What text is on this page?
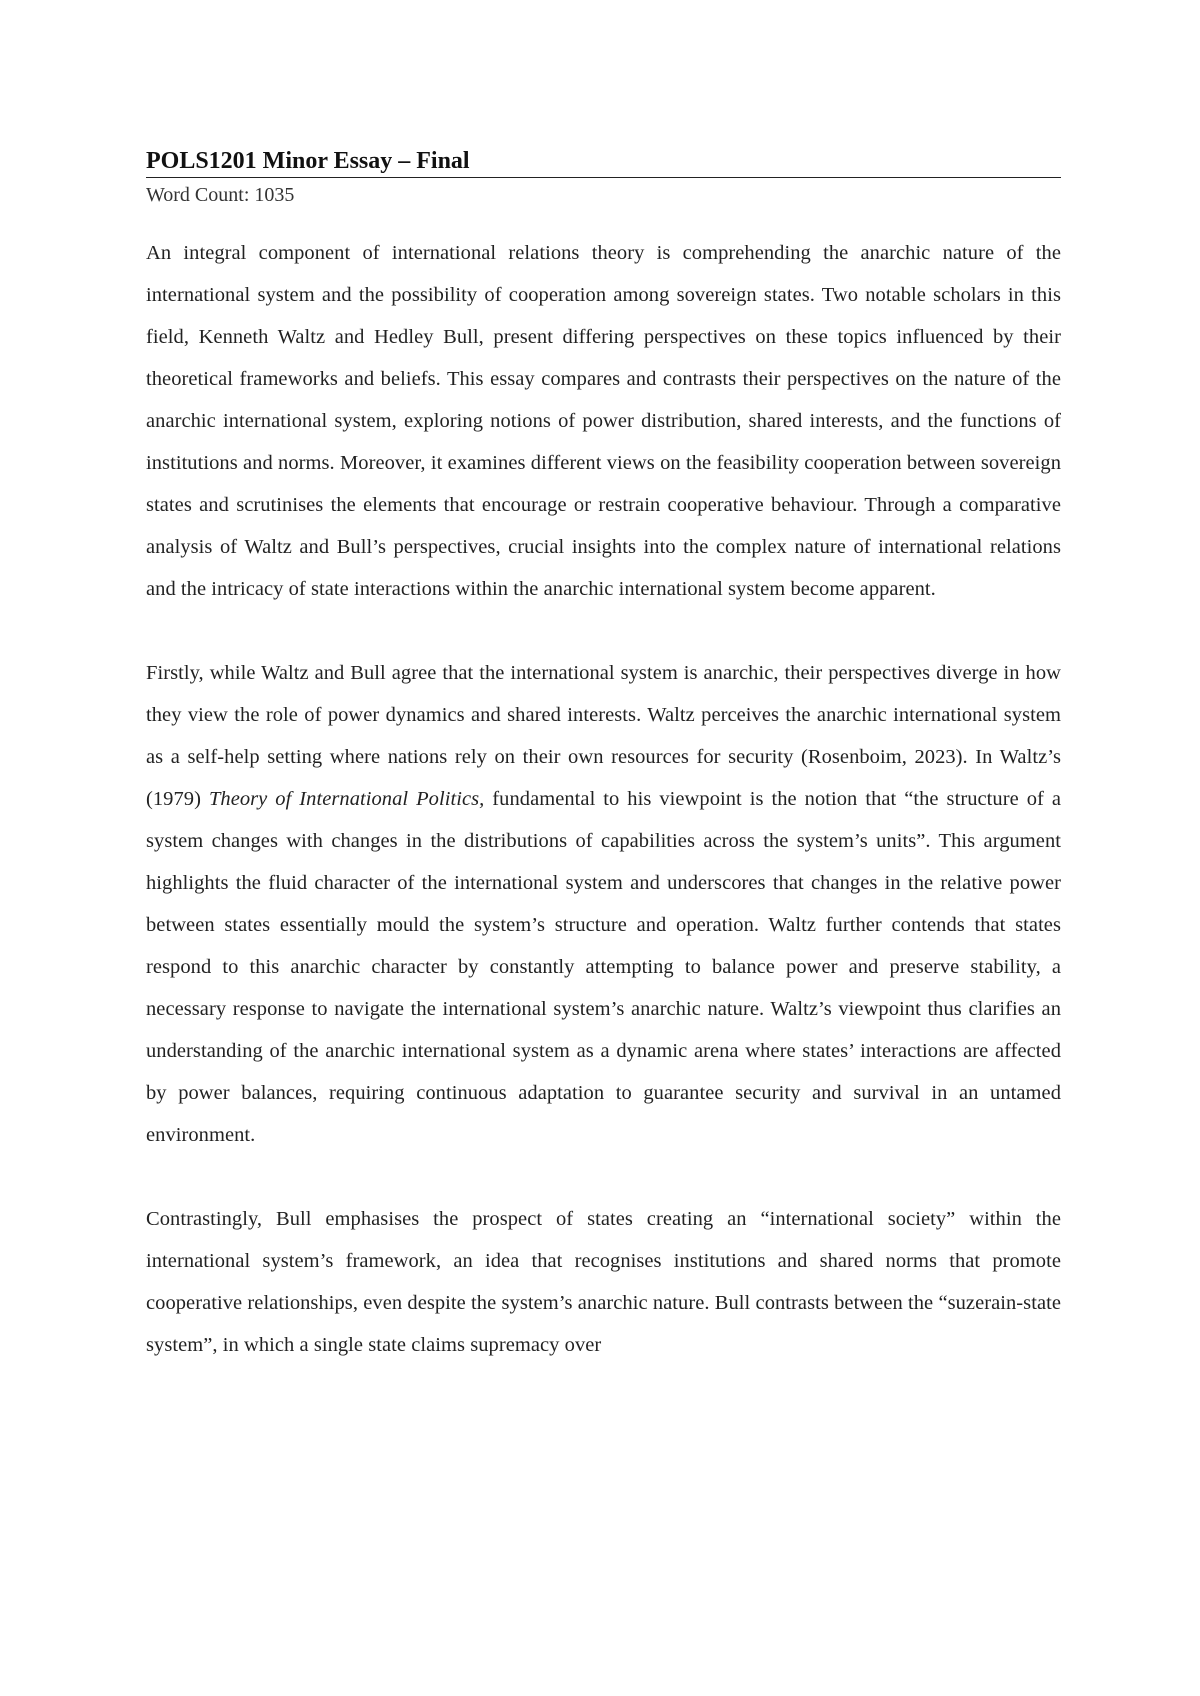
POLS1201 Minor Essay – Final

Word Count: 1035

An integral component of international relations theory is comprehending the anarchic nature of the international system and the possibility of cooperation among sovereign states. Two notable scholars in this field, Kenneth Waltz and Hedley Bull, present differing perspectives on these topics influenced by their theoretical frameworks and beliefs. This essay compares and contrasts their perspectives on the nature of the anarchic international system, exploring notions of power distribution, shared interests, and the functions of institutions and norms. Moreover, it examines different views on the feasibility cooperation between sovereign states and scrutinises the elements that encourage or restrain cooperative behaviour. Through a comparative analysis of Waltz and Bull’s perspectives, crucial insights into the complex nature of international relations and the intricacy of state interactions within the anarchic international system become apparent.

Firstly, while Waltz and Bull agree that the international system is anarchic, their perspectives diverge in how they view the role of power dynamics and shared interests. Waltz perceives the anarchic international system as a self-help setting where nations rely on their own resources for security (Rosenboim, 2023). In Waltz’s (1979) Theory of International Politics, fundamental to his viewpoint is the notion that “the structure of a system changes with changes in the distributions of capabilities across the system’s units”. This argument highlights the fluid character of the international system and underscores that changes in the relative power between states essentially mould the system’s structure and operation. Waltz further contends that states respond to this anarchic character by constantly attempting to balance power and preserve stability, a necessary response to navigate the international system’s anarchic nature. Waltz’s viewpoint thus clarifies an understanding of the anarchic international system as a dynamic arena where states’ interactions are affected by power balances, requiring continuous adaptation to guarantee security and survival in an untamed environment.

Contrastingly, Bull emphasises the prospect of states creating an “international society” within the international system’s framework, an idea that recognises institutions and shared norms that promote cooperative relationships, even despite the system’s anarchic nature. Bull contrasts between the “suzerain-state system”, in which a single state claims supremacy over
